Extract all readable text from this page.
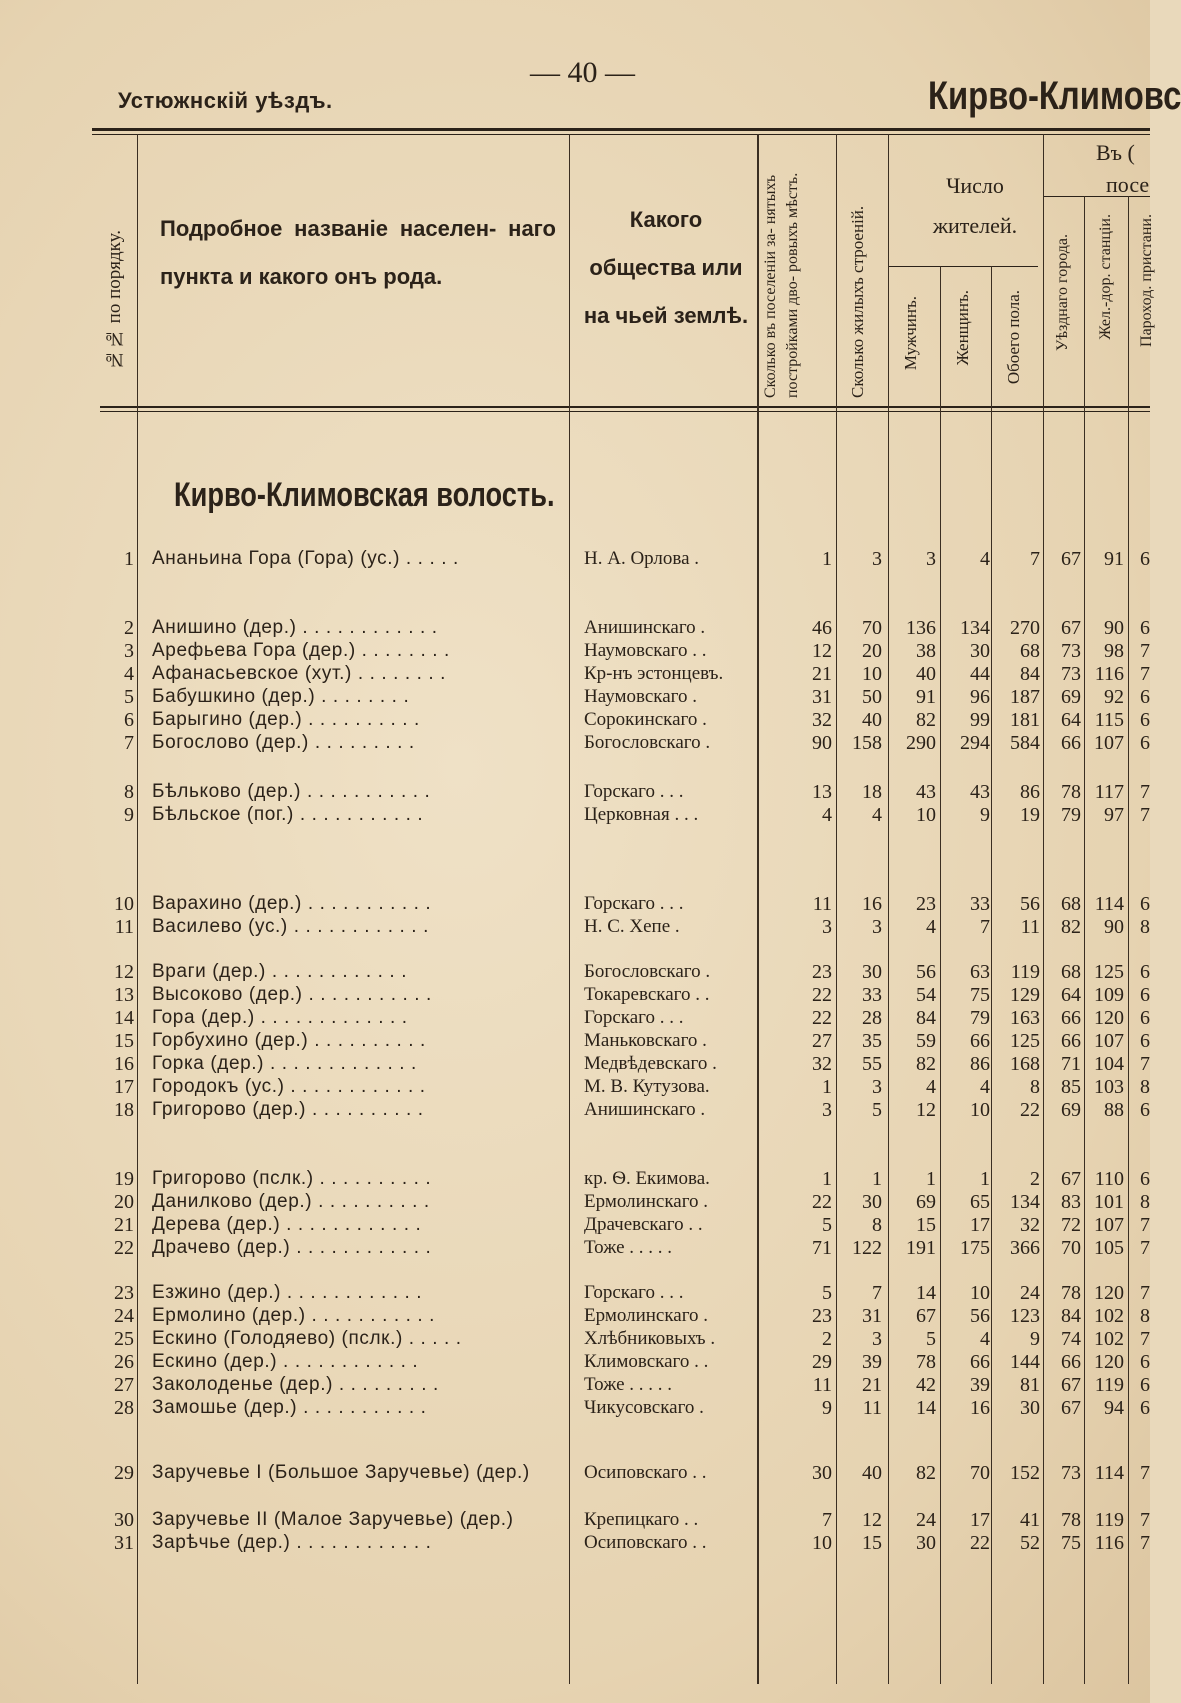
Устюжнскій уѣздъ.
— 40 —
Кирво-Климовс
№№ по порядку.
Подробное названіе населен- наго пункта и какого онъ рода.
Какого общества или на чьей землѣ. Сколько въ поселеніи за- нятыхъ постройками дво- ровыхъ мѣстъ.	Сколько жилыхъ строеній.
Число жителей.
Мужчинъ. Женщинъ. Обоего пола.
Въ (
посе
Уѣзднаго города. Жел.-дор. станціи. Пароход. пристани.
Кирво-Климовская волость.
1 Ананьина Гора (Гора) (ус.) . . . . .	Н. А. Орлова .	1 3 3 4 7 67 91 6
2 Анишино (дер.) . . . . . . . . . . . .	Анишинскаго .	46 70 136 134 270 67 90 6
3 Арефьева Гора (дер.) . . . . . . . .	Наумовскаго . .	12 20 38 30 68 73 98 7
4 Афанасьевское (хут.) . . . . . . . .	Кр-нъ эстонцевъ.	21 10 40 44 84 73 116 7
5 Бабушкино (дер.) . . . . . . . .	Наумовскаго .	31 50 91 96 187 69 92 6
6 Барыгино (дер.) . . . . . . . . . .	Сорокинскаго .	32 40 82 99 181 64 115 6
7 Богослово (дер.) . . . . . . . . .	Богословскаго .	90 158 290 294 584 66 107 6
8 Бѣльково (дер.) . . . . . . . . . . .	Горскаго . . .	13 18 43 43 86 78 117 7
9 Бѣльское (пог.) . . . . . . . . . . .	Церковная . . .	4 4 10 9 19 79 97 7
10 Варахино (дер.) . . . . . . . . . . .	Горскаго . . .	11 16 23 33 56 68 114 6
11 Василево (ус.) . . . . . . . . . . . .	Н. С. Хепе .	3 3 4 7 11 82 90 8
12 Враги (дер.) . . . . . . . . . . . .	Богословскаго .	23 30 56 63 119 68 125 6
13 Высоково (дер.) . . . . . . . . . . .	Токаревскаго . .	22 33 54 75 129 64 109 6
14 Гора (дер.) . . . . . . . . . . . . .	Горскаго . . .	22 28 84 79 163 66 120 6
15 Горбухино (дер.) . . . . . . . . . .	Маньковскаго .	27 35 59 66 125 66 107 6
16 Горка (дер.) . . . . . . . . . . . . .	Медвѣдевскаго .	32 55 82 86 168 71 104 7
17 Городокъ (ус.) . . . . . . . . . . . .	М. В. Кутузова.	1 3 4 4 8 85 103 8
18 Григорово (дер.) . . . . . . . . . .	Анишинскаго .	3 5 12 10 22 69 88 6
19 Григорово (пслк.) . . . . . . . . . .	кр. Ѳ. Екимова.	1 1 1 1 2 67 110 6
20 Данилково (дер.) . . . . . . . . . .	Ермолинскаго .	22 30 69 65 134 83 101 8
21 Дерева (дер.) . . . . . . . . . . . .	Драчевскаго . .	5 8 15 17 32 72 107 7
22 Драчево (дер.) . . . . . . . . . . . .	Тоже . . . . .	71 122 191 175 366 70 105 7
23 Езжино (дер.) . . . . . . . . . . . .	Горскаго . . .	5 7 14 10 24 78 120 7
24 Ермолино (дер.) . . . . . . . . . . .	Ермолинскаго .	23 31 67 56 123 84 102 8
25 Ескино (Голодяево) (пслк.) . . . . .	Хлѣбниковыхъ .	2 3 5 4 9 74 102 7
26 Ескино (дер.) . . . . . . . . . . . .	Климовскаго . .	29 39 78 66 144 66 120 6
27 Заколоденье (дер.) . . . . . . . . .	Тоже . . . . .	11 21 42 39 81 67 119 6
28 Замошье (дер.) . . . . . . . . . . .	Чикусовскаго .	9 11 14 16 30 67 94 6
29 Заручевье I (Большое Заручевье) (дер.)	Осиповскаго . .	30 40 82 70 152 73 114 7
30 Заручевье II (Малое Заручевье) (дер.)	Крепицкаго . .	7 12 24 17 41 78 119 7
31 Зарѣчье (дер.) . . . . . . . . . . . .	Осиповскаго . .	10 15 30 22 52 75 116 7
